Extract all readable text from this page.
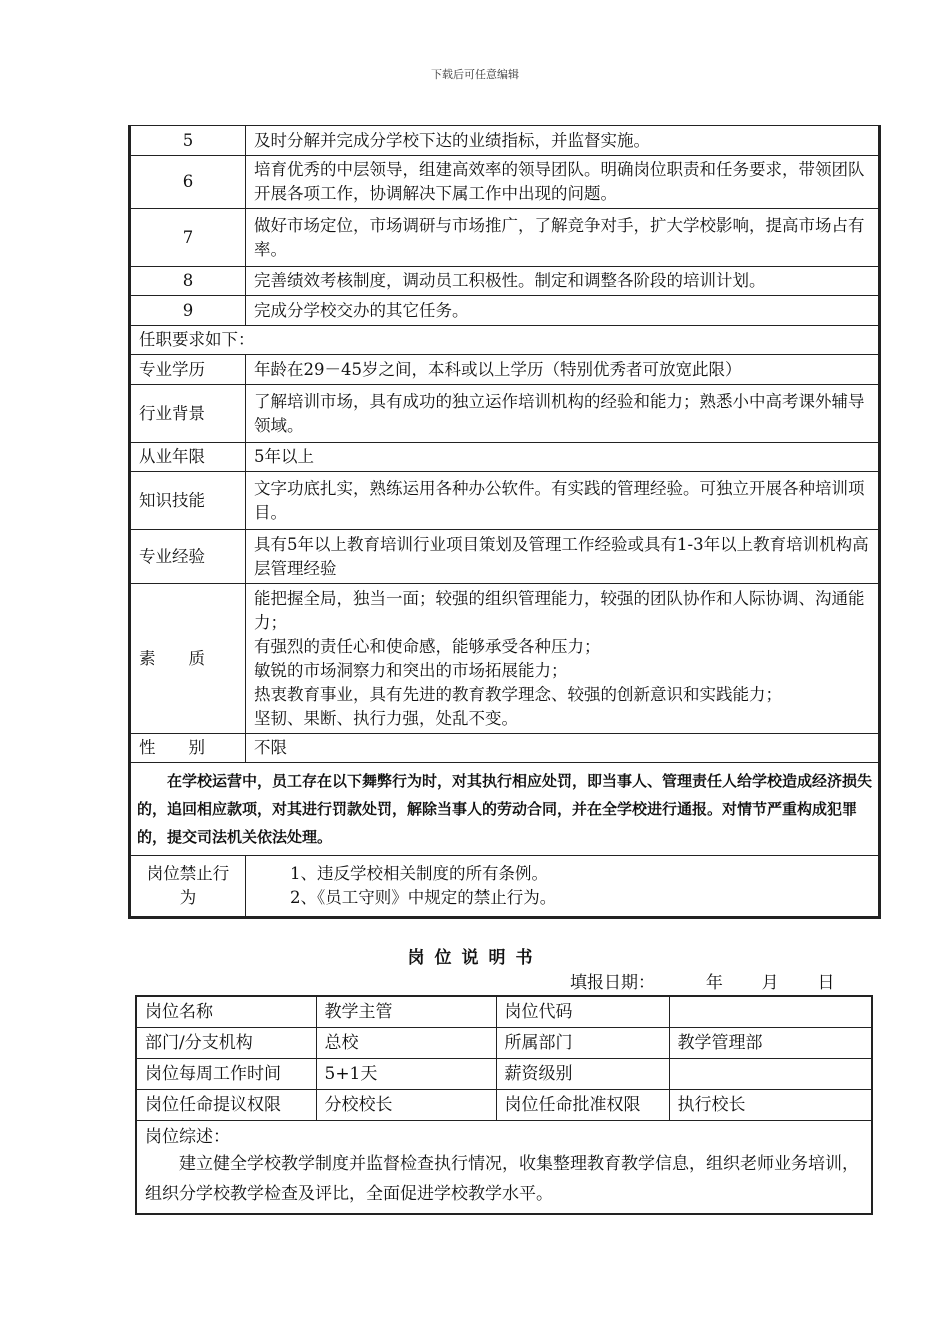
下载后可任意编辑
5	及时分解并完成分学校下达的业绩指标，并监督实施。
6	培育优秀的中层领导，组建高效率的领导团队。明确岗位职责和任务要求，带领团队开展各项工作，协调解决下属工作中出现的问题。
7	做好市场定位，市场调研与市场推广，了解竞争对手，扩大学校影响，提高市场占有率。
8	完善绩效考核制度，调动员工积极性。制定和调整各阶段的培训计划。
9	完成分学校交办的其它任务。
任职要求如下：	
专业学历	年龄在29－45岁之间，本科或以上学历（特别优秀者可放宽此限）
行业背景	了解培训市场，具有成功的独立运作培训机构的经验和能力；熟悉小中高考课外辅导领域。
从业年限	5年以上
知识技能	文字功底扎实，熟练运用各种办公软件。有实践的管理经验。可独立开展各种培训项目。
专业经验	具有5年以上教育培训行业项目策划及管理工作经验或具有1-3年以上教育培训机构高层管理经验
素　　质	能把握全局，独当一面；较强的组织管理能力，较强的团队协作和人际协调、沟通能力；
有强烈的责任心和使命感，能够承受各种压力；
敏锐的市场洞察力和突出的市场拓展能力；
热衷教育事业，具有先进的教育教学理念、较强的创新意识和实践能力；
坚韧、果断、执行力强，处乱不变。

性　　别	不限
在学校运营中，员工存在以下舞弊行为时，对其执行相应处罚，即当事人、管理责任人给学校造成经济损失的，追回相应款项，对其进行罚款处罚，解除当事人的劳动合同，并在全学校进行通报。对情节严重构成犯罪的，提交司法机关依法处理。	
岗位禁止行为	1、违反学校相关制度的所有条例。
2、《员工守则》中规定的禁止行为。
岗位说明书
填报日期：	年 月 日
岗位名称	教学主管	岗位代码	
部门/分支机构	总校	所属部门	教学管理部
岗位每周工作时间	5+1天	薪资级别	
岗位任命提议权限	分校校长	岗位任命批准权限	执行校长

岗位综述：
建立健全学校教学制度并监督检查执行情况，收集整理教育教学信息，组织老师业务培训，组织分学校教学检查及评比，全面促进学校教学水平。			
